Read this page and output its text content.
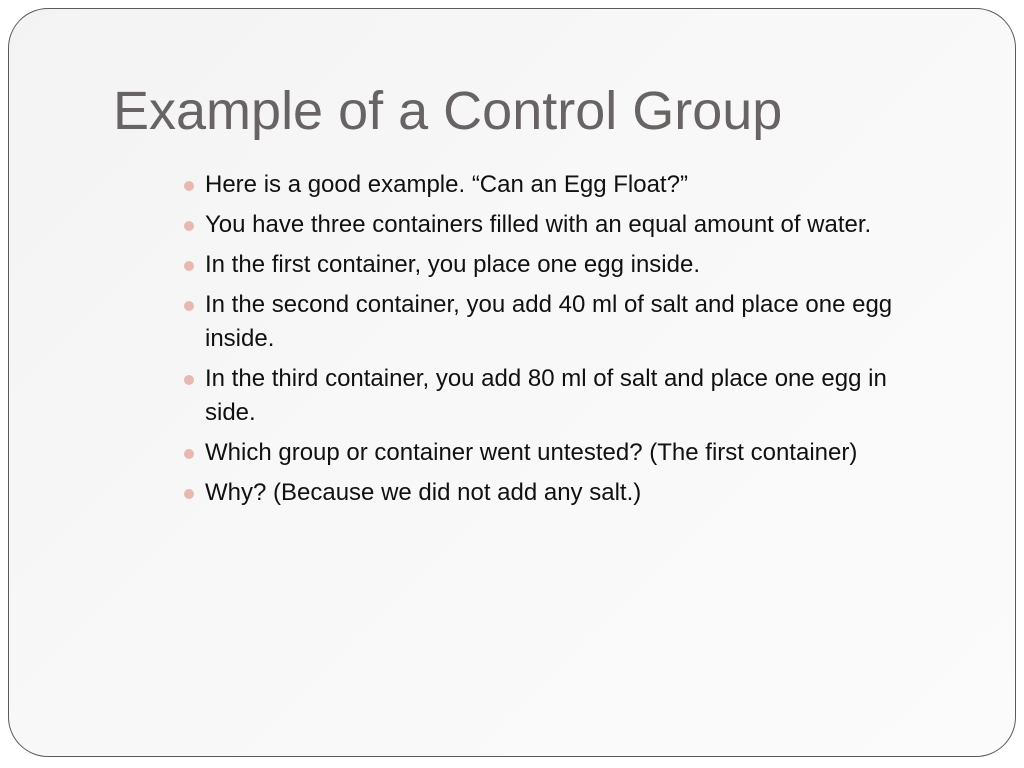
Example of a Control Group
Here is a good example. “Can an Egg Float?”
You have three containers filled with an equal amount of water.
In the first container, you place one egg inside.
In the second container, you add 40 ml of salt and place one egg inside.
In the third container, you add 80 ml of salt and place one egg in side.
Which group or container went untested? (The first container)
Why? (Because we did not add any salt.)
